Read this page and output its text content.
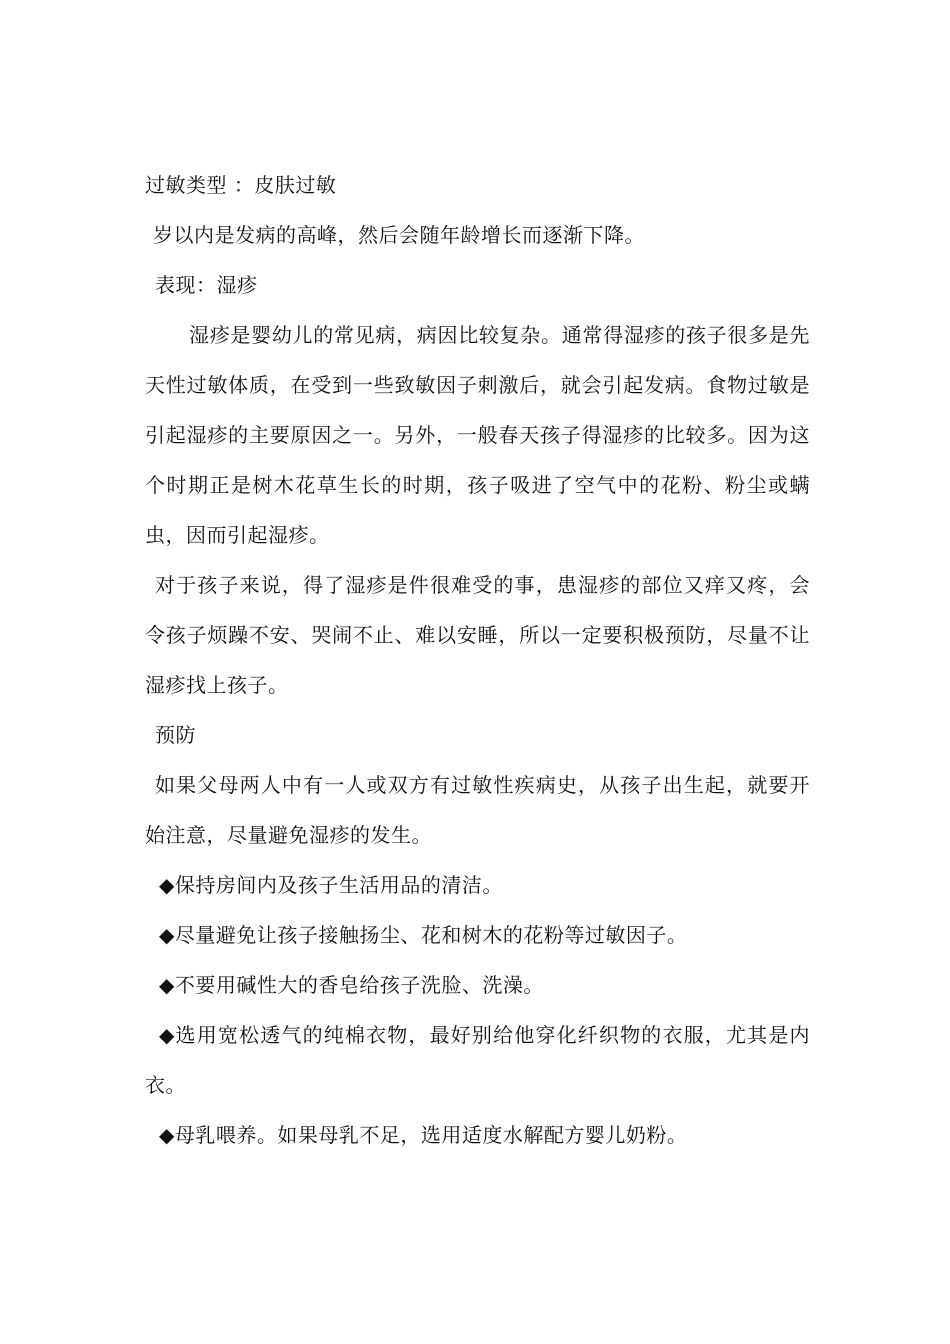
过敏类型 ：皮肤过敏
岁以内是发病的高峰，然后会随年龄增长而逐渐下降。
表现：湿疹

湿疹是婴幼儿的常见病，病因比较复杂。通常得湿疹的孩子很多是先天性过敏体质，在受到一些致敏因子刺激后，就会引起发病。食物过敏是引起湿疹的主要原因之一。另外，一般春天孩子得湿疹的比较多。因为这个时期正是树木花草生长的时期，孩子吸进了空气中的花粉、粉尘或螨虫，因而引起湿疹。

对于孩子来说，得了湿疹是件很难受的事，患湿疹的部位又痒又疼，会令孩子烦躁不安、哭闹不止、难以安睡，所以一定要积极预防，尽量不让湿疹找上孩子。

预防

如果父母两人中有一人或双方有过敏性疾病史，从孩子出生起，就要开始注意，尽量避免湿疹的发生。

◆保持房间内及孩子生活用品的清洁。
◆尽量避免让孩子接触扬尘、花和树木的花粉等过敏因子。
◆不要用碱性大的香皂给孩子洗脸、洗澡。

◆选用宽松透气的纯棉衣物，最好别给他穿化纤织物的衣服，尤其是内衣。

◆母乳喂养。如果母乳不足，选用适度水解配方婴儿奶粉。
